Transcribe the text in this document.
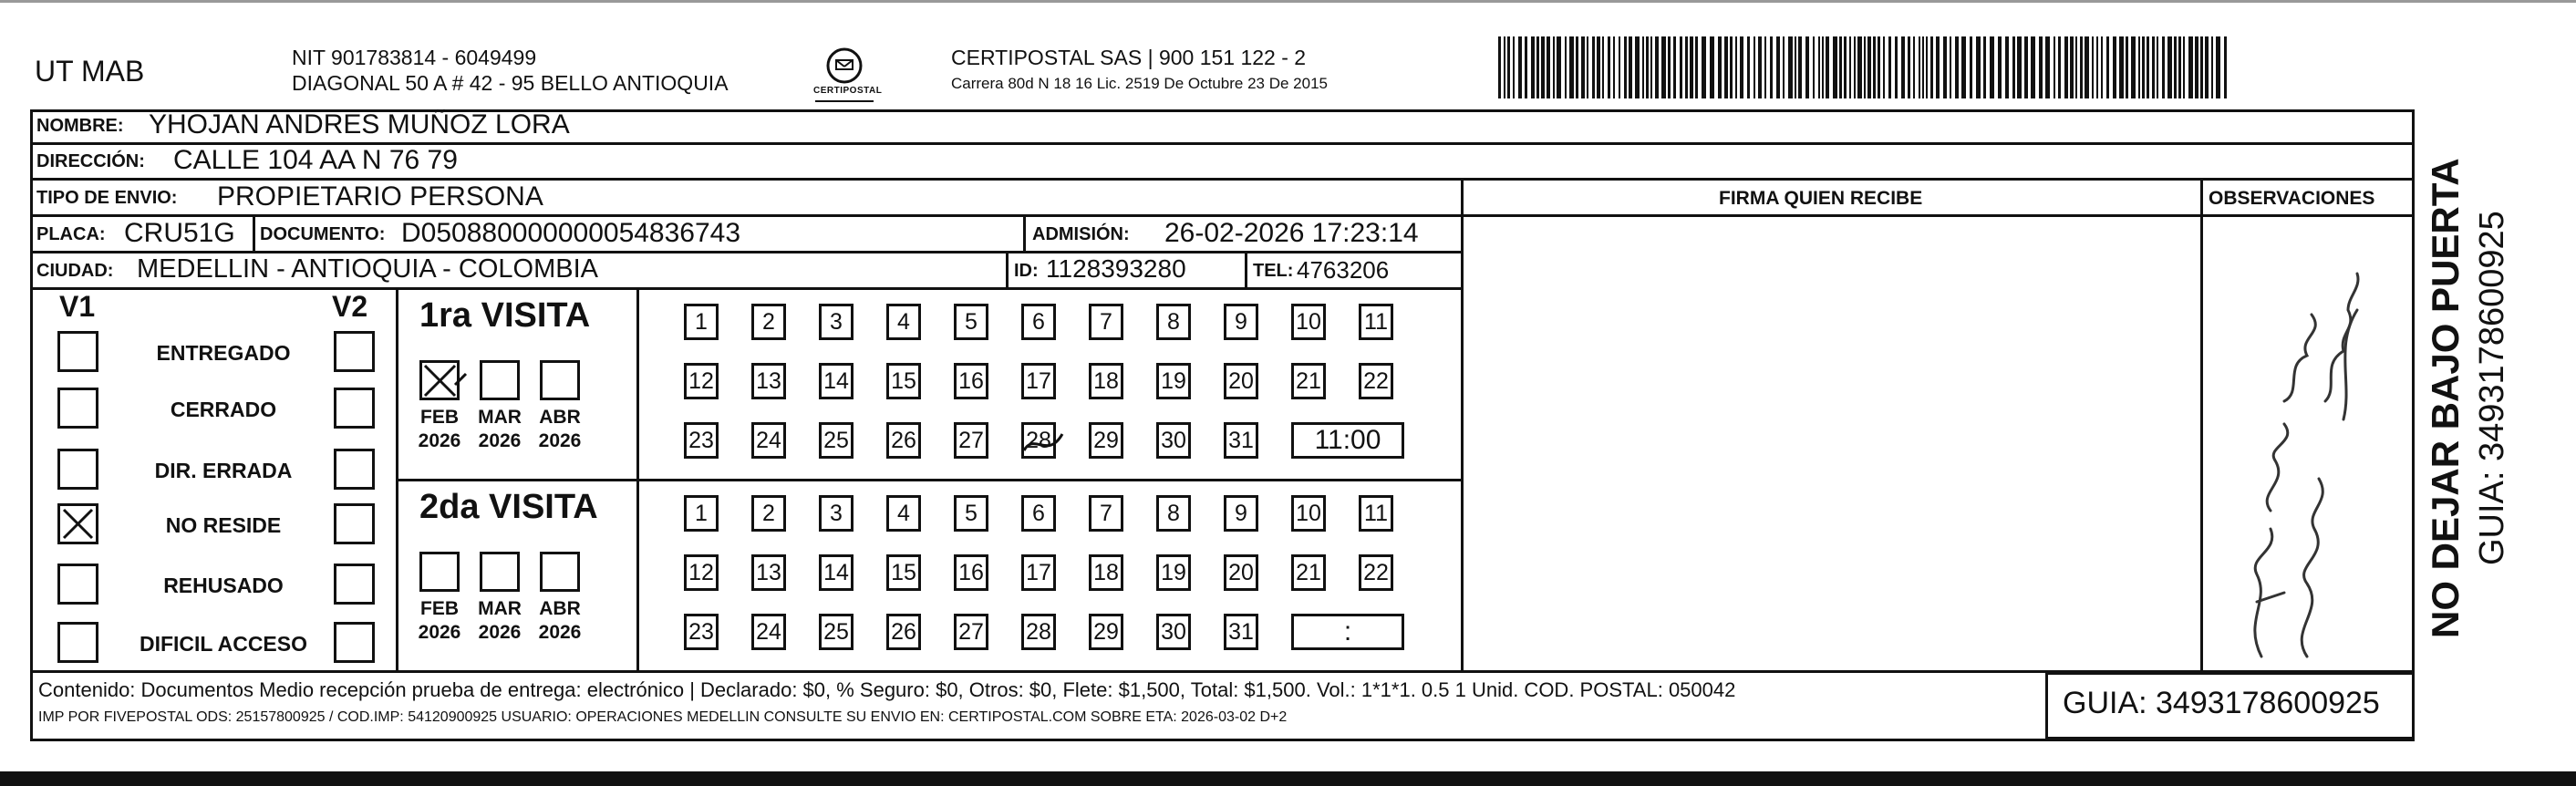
UT MAB	NIT 901783814 - 6049499
DIAGONAL 50 A # 42 - 95 BELLO ANTIOQUIA	CERTIPOSTAL
CERTIPOSTAL SAS | 900 151 122 - 2
Carrera 80d N 18 16 Lic. 2519 De Octubre 23 De 2015
NOMBRE: YHOJAN ANDRES MUÑOZ LORA
DIRECCIÓN: CALLE 104 AA N 76 79
TIPO DE ENVIO: PROPIETARIO PERSONA	FIRMA QUIEN RECIBE	OBSERVACIONES
PLACA: CRU51G DOCUMENTO: D050880000000054836743	ADMISIÓN: 26-02-2026 17:23:14
CIUDAD: MEDELLIN - ANTIOQUIA - COLOMBIA	ID: 1128393280	TEL: 4763206
V1	V2 1ra VISITA
2da VISITA
Contenido: Documentos Medio recepción prueba de entrega: electrónico | Declarado: $0, % Seguro: $0, Otros: $0, Flete: $1,500, Total: $1,500. Vol.: 1*1*1. 0.5 1 Unid. COD. POSTAL: 050042
IMP POR FIVEPOSTAL ODS: 25157800925 / COD.IMP: 54120900925 USUARIO: OPERACIONES MEDELLIN CONSULTE SU ENVIO EN: CERTIPOSTAL.COM SOBRE ETA: 2026-03-02 D+2	GUIA: 3493178600925
NO DEJAR BAJO PUERTA GUIA: 3493178600925
ENTREGADO
CERRADO
DIR. ERRADA
NO RESIDE
REHUSADO
DIFICIL ACCESO
FEB
2026
MAR
2026
ABR
2026
FEB
2026
MAR
2026
ABR
2026
1	2	3	4	5	6	7	8	9	10 11
12 13 14 15 16 17 18 19 20 21 22
23 24 25 26 27 28 29 30 31	11:00
1	2	3	4	5	6	7	8	9	10 11
12 13 14 15 16 17 18 19 20 21 22
23 24 25 26 27 28 29 30 31	:
